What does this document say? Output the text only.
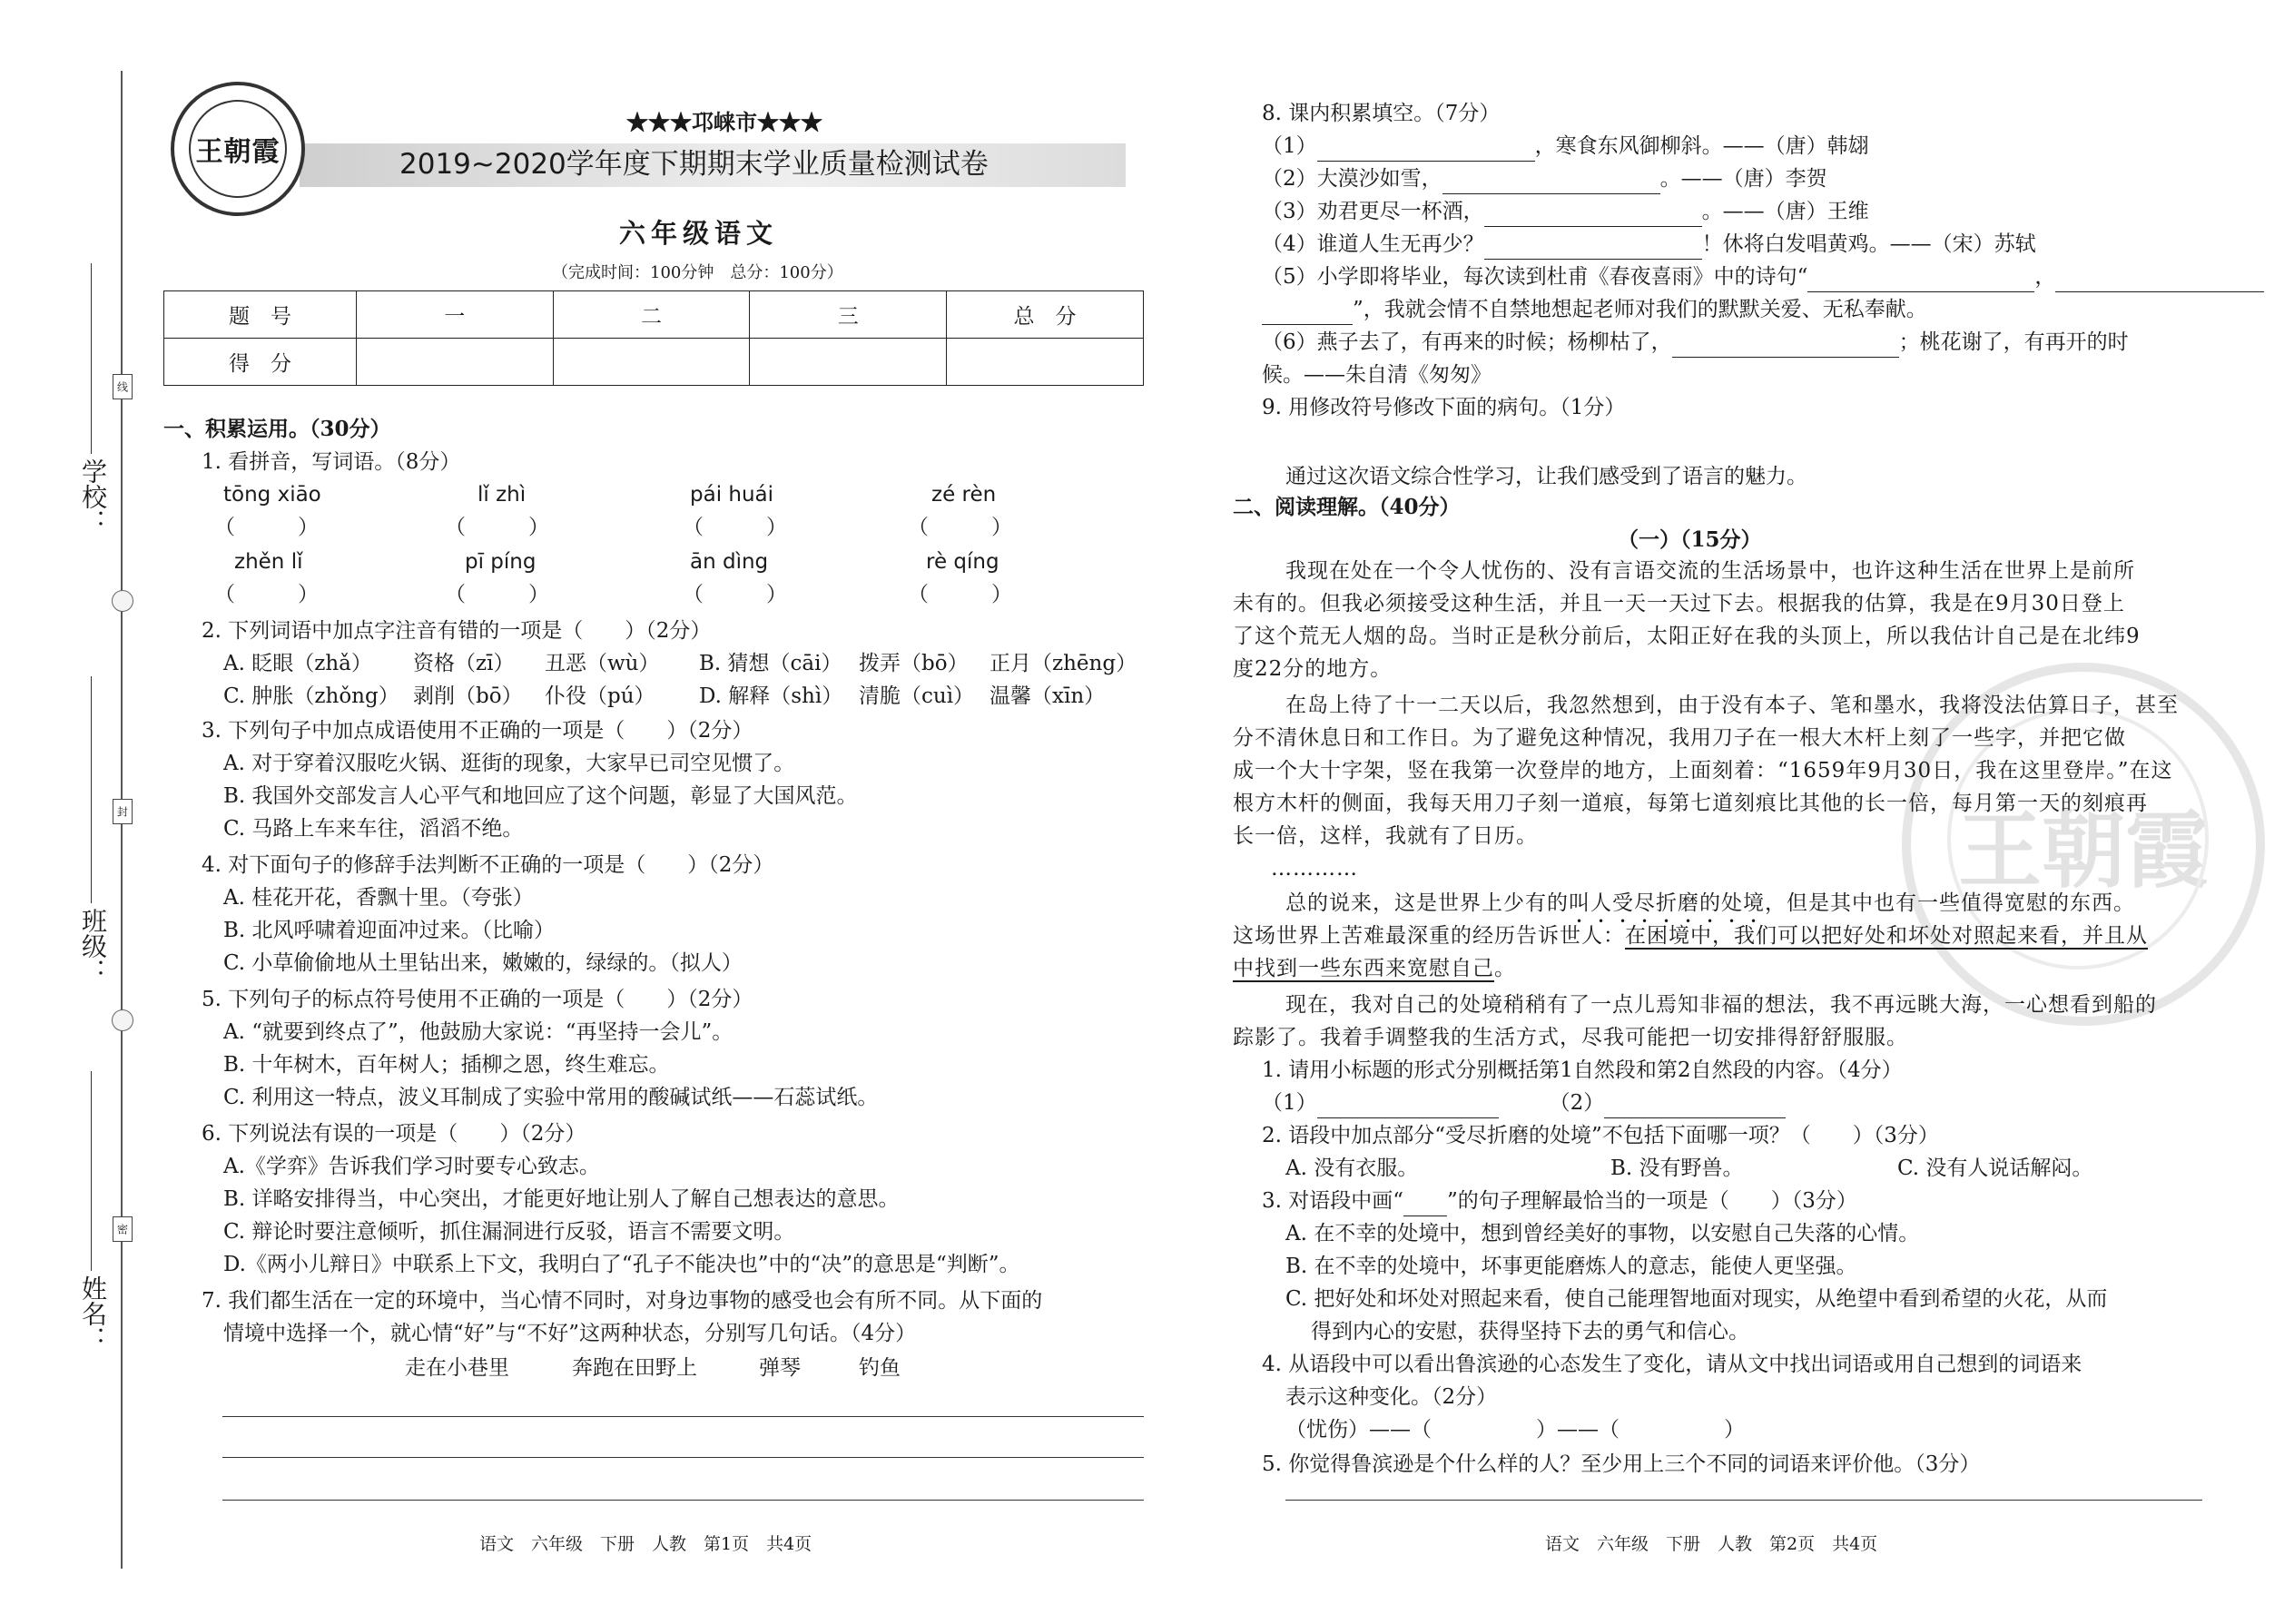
学校：
班级：
姓名：
线
封
密
王朝霞
★★★邛崃市★★★
2019~2020学年度下期期末学业质量检测试卷
六年级语文
（完成时间：100分钟　总分：100分）
题　号	一	二	三	总　分
得　分				
一、积累运用。（30分）
1. 看拼音，写词语。（8分）
tōng xiāo	lǐ zhì	pái huái	zé rèn
（　　　）	（　　　）	（　　　）	（　　　）
zhěn lǐ	pī píng	ān dìng	rè qíng
（　　　）	（　　　）	（　　　）	（　　　）
2. 下列词语中加点字注音有错的一项是（　　）（2分）
A. 眨眼（zhǎ） 资格（zī） 丑恶（wù） B. 猜想（cāi） 拨弄（bō） 正月（zhēng）
C. 肿胀（zhǒng） 剥削（bō） 仆役（pú） D. 解释（shì） 清脆（cuì） 温馨（xīn）
3. 下列句子中加点成语使用不正确的一项是（　　）（2分）
A. 对于穿着汉服吃火锅、逛街的现象，大家早已司空见惯了。
B. 我国外交部发言人心平气和地回应了这个问题，彰显了大国风范。
C. 马路上车来车往，滔滔不绝。
4. 对下面句子的修辞手法判断不正确的一项是（　　）（2分）
A. 桂花开花，香飘十里。（夸张）
B. 北风呼啸着迎面冲过来。（比喻）
C. 小草偷偷地从土里钻出来，嫩嫩的，绿绿的。（拟人）
5. 下列句子的标点符号使用不正确的一项是（　　）（2分）
A. “就要到终点了”，他鼓励大家说：“再坚持一会儿”。
B. 十年树木，百年树人；插柳之恩，终生难忘。
C. 利用这一特点，波义耳制成了实验中常用的酸碱试纸——石蕊试纸。
6. 下列说法有误的一项是（　　）（2分）
A.《学弈》告诉我们学习时要专心致志。
B. 详略安排得当，中心突出，才能更好地让别人了解自己想表达的意思。
C. 辩论时要注意倾听，抓住漏洞进行反驳，语言不需要文明。
D.《两小儿辩日》中联系上下文，我明白了“孔子不能决也”中的“决”的意思是“判断”。
7. 我们都生活在一定的环境中，当心情不同时，对身边事物的感受也会有所不同。从下面的
情境中选择一个，就心情“好”与“不好”这两种状态，分别写几句话。（4分）
走在小巷里	奔跑在田野上	弹琴	钓鱼
语文　六年级　下册　人教　第1页　共4页
王朝霞
8. 课内积累填空。（7分）
（1）	，寒食东风御柳斜。——（唐）韩翃
（2）大漠沙如雪，	。——（唐）李贺
（3）劝君更尽一杯酒，	。——（唐）王维
（4）谁道人生无再少？	！休将白发唱黄鸡。——（宋）苏轼
（5）小学即将毕业，每次读到杜甫《春夜喜雨》中的诗句“	，
”，我就会情不自禁地想起老师对我们的默默关爱、无私奉献。
（6）燕子去了，有再来的时候；杨柳枯了，	；桃花谢了，有再开的时
候。——朱自清《匆匆》
9. 用修改符号修改下面的病句。（1分）
通过这次语文综合性学习，让我们感受到了语言的魅力。
二、阅读理解。（40分）
（一）（15分）
我现在处在一个令人忧伤的、没有言语交流的生活场景中，也许这种生活在世界上是前所
未有的。但我必须接受这种生活，并且一天一天过下去。根据我的估算，我是在9月30日登上
了这个荒无人烟的岛。当时正是秋分前后，太阳正好在我的头顶上，所以我估计自己是在北纬9
度22分的地方。
在岛上待了十一二天以后，我忽然想到，由于没有本子、笔和墨水，我将没法估算日子，甚至
分不清休息日和工作日。为了避免这种情况，我用刀子在一根大木杆上刻了一些字，并把它做
成一个大十字架，竖在我第一次登岸的地方，上面刻着：“1659年9月30日，我在这里登岸。”在这
根方木杆的侧面，我每天用刀子刻一道痕，每第七道刻痕比其他的长一倍，每月第一天的刻痕再
长一倍，这样，我就有了日历。
…………
总的说来，这是世界上少有的叫人受尽折磨的处境，但是其中也有一些值得宽慰的东西。
这场世界上苦难最深重的经历告诉世人：在困境中，我们可以把好处和坏处对照起来看，并且从
中找到一些东西来宽慰自己。
现在，我对自己的处境稍稍有了一点儿焉知非福的想法，我不再远眺大海，一心想看到船的
踪影了。我着手调整我的生活方式，尽我可能把一切安排得舒舒服服。
1. 请用小标题的形式分别概括第1自然段和第2自然段的内容。（4分）
（1）	（2）
2. 语段中加点部分“受尽折磨的处境”不包括下面哪一项？（　　）（3分）
A. 没有衣服。	B. 没有野兽。	C. 没有人说话解闷。
3. 对语段中画“ ”的句子理解最恰当的一项是（　　）（3分）
A. 在不幸的处境中，想到曾经美好的事物，以安慰自己失落的心情。
B. 在不幸的处境中，坏事更能磨炼人的意志，能使人更坚强。
C. 把好处和坏处对照起来看，使自己能理智地面对现实，从绝望中看到希望的火花，从而
得到内心的安慰，获得坚持下去的勇气和信心。
4. 从语段中可以看出鲁滨逊的心态发生了变化，请从文中找出词语或用自己想到的词语来
表示这种变化。（2分）
（忧伤）——（　　　　　）——（　　　　　）
5. 你觉得鲁滨逊是个什么样的人？至少用上三个不同的词语来评价他。（3分）
语文　六年级　下册　人教　第2页　共4页
